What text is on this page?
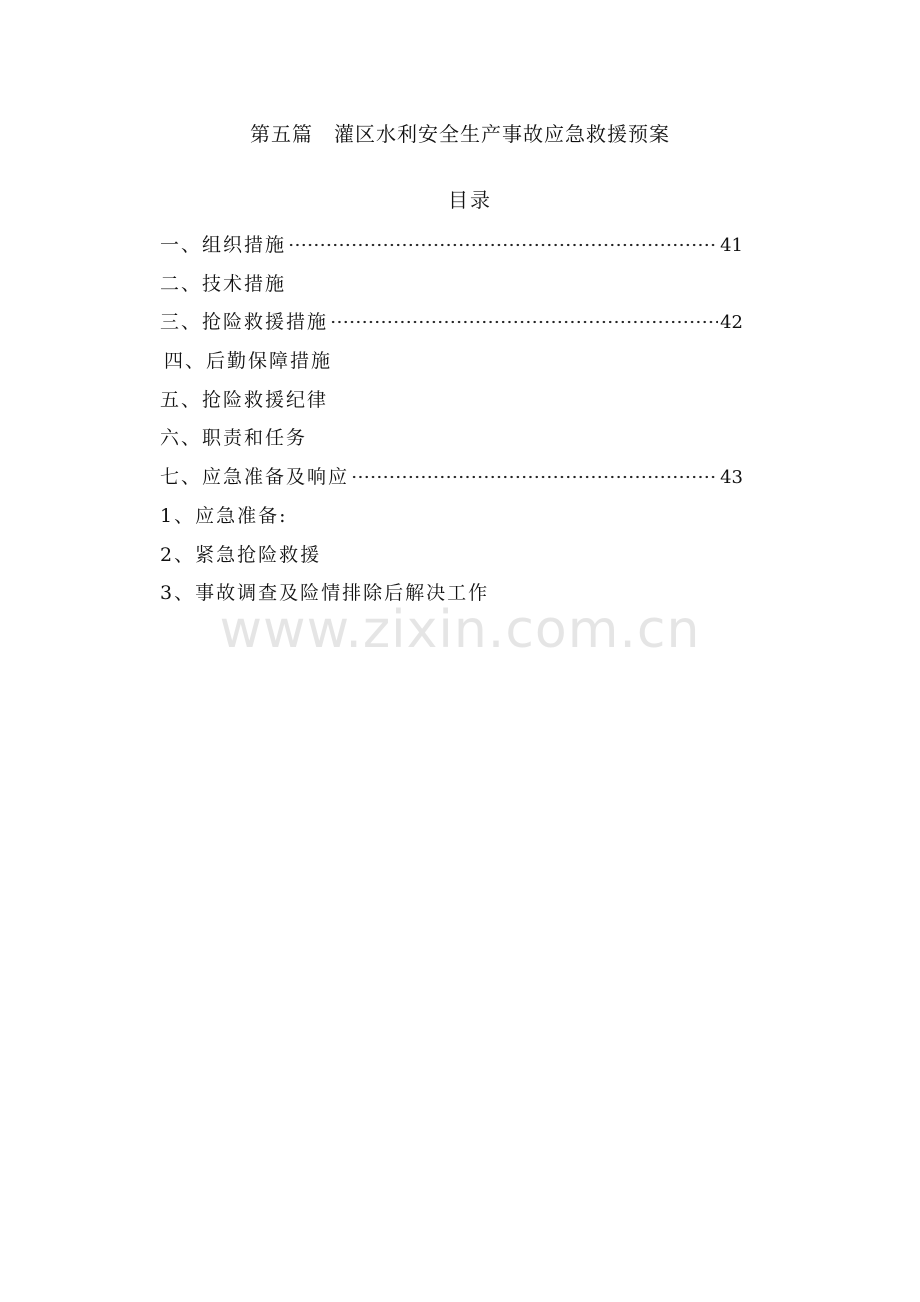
第五篇　灌区水利安全生产事故应急救援预案
目录
一、组织措施	41
二、技术措施
三、抢险救援措施	42
四、后勤保障措施
五、抢险救援纪律
六、职责和任务
七、应急准备及响应	43
1、应急准备:
2、紧急抢险救援
3、事故调查及险情排除后解决工作
www.zixin.com.cn
